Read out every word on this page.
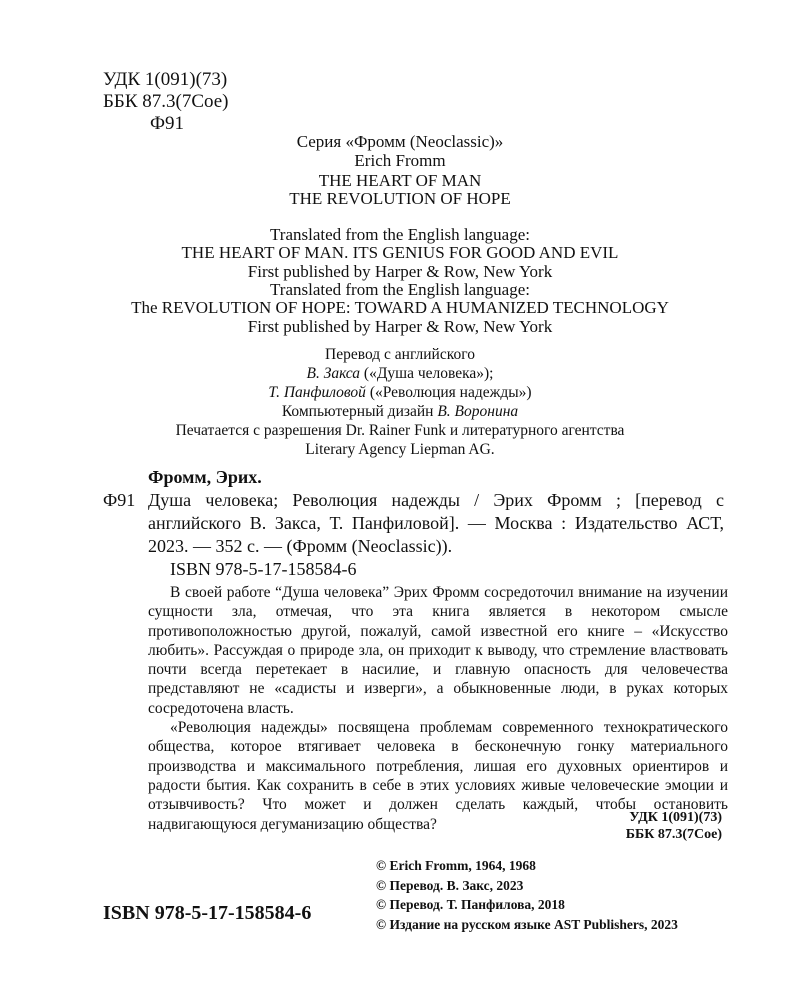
УДК 1(091)(73)
ББК 87.3(7Сое)
Ф91
Серия «Фромм (Neoclassic)»
Erich Fromm
THE HEART OF MAN
THE REVOLUTION OF HOPE
Translated from the English language:
THE HEART OF MAN. ITS GENIUS FOR GOOD AND EVIL
First published by Harper & Row, New York
Translated from the English language:
The REVOLUTION OF HOPE: TOWARD A HUMANIZED TECHNOLOGY
First published by Harper & Row, New York
Перевод с английского
В. Закса («Душа человека»);
Т. Панфиловой («Революция надежды»)
Компьютерный дизайн В. Воронина
Печатается с разрешения Dr. Rainer Funk и литературного агентства
Literary Agency Liepman AG.
Фромм, Эрих.
Ф91 Душа человека; Революция надежды / Эрих Фромм ; [перевод с английского В. Закса, Т. Панфиловой]. — Москва : Издательство АСТ, 2023. — 352 с. — (Фромм (Neoclassic)).
ISBN 978-5-17-158584-6

В своей работе “Душа человека” Эрих Фромм сосредоточил внимание на изучении сущности зла, отмечая, что эта книга является в некотором смысле противоположностью другой, пожалуй, самой известной его книге – «Искусство любить». Рассуждая о природе зла, он приходит к выводу, что стремление властвовать почти всегда перетекает в насилие, и главную опасность для человечества представляют не «садисты и изверги», а обыкновенные люди, в руках которых сосредоточена власть.

«Революция надежды» посвящена проблемам современного технократического общества, которое втягивает человека в бесконечную гонку материального производства и максимального потребления, лишая его духовных ориентиров и радости бытия. Как сохранить в себе в этих условиях живые человеческие эмоции и отзывчивость? Что может и должен сделать каждый, чтобы остановить надвигающуюся дегуманизацию общества?	УДК 1(091)(73)
ББК 87.3(7Сое)
© Erich Fromm, 1964, 1968
© Перевод. В. Закс, 2023
© Перевод. Т. Панфилова, 2018
© Издание на русском языке AST Publishers, 2023
ISBN 978-5-17-158584-6
